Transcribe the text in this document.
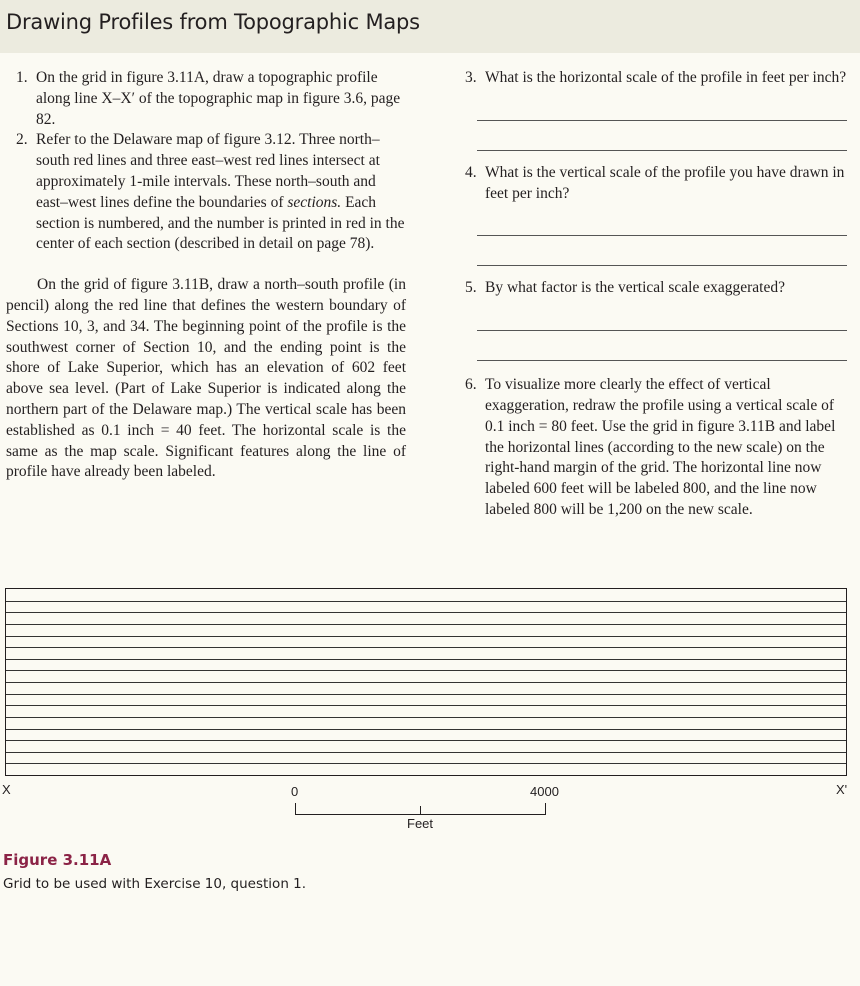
Drawing Profiles from Topographic Maps
1. On the grid in figure 3.11A, draw a topographic profile along line X–X′ of the topographic map in figure 3.6, page 82.
2. Refer to the Delaware map of figure 3.12. Three north–south red lines and three east–west red lines intersect at approximately 1-mile intervals. These north–south and east–west lines define the boundaries of sections. Each section is numbered, and the number is printed in red in the center of each section (described in detail on page 78).
On the grid of figure 3.11B, draw a north–south profile (in pencil) along the red line that defines the western boundary of Sections 10, 3, and 34. The beginning point of the profile is the southwest corner of Section 10, and the ending point is the shore of Lake Superior, which has an elevation of 602 feet above sea level. (Part of Lake Superior is indicated along the northern part of the Delaware map.) The vertical scale has been established as 0.1 inch = 40 feet. The horizontal scale is the same as the map scale. Significant features along the line of profile have already been labeled.
3. What is the horizontal scale of the profile in feet per inch?
4. What is the vertical scale of the profile you have drawn in feet per inch?
5. By what factor is the vertical scale exaggerated?
6. To visualize more clearly the effect of vertical exaggeration, redraw the profile using a vertical scale of 0.1 inch = 80 feet. Use the grid in figure 3.11B and label the horizontal lines (according to the new scale) on the right-hand margin of the grid. The horizontal line now labeled 600 feet will be labeled 800, and the line now labeled 800 will be 1,200 on the new scale.
X	X'
0	4000
Feet
Figure 3.11A
Grid to be used with Exercise 10, question 1.
